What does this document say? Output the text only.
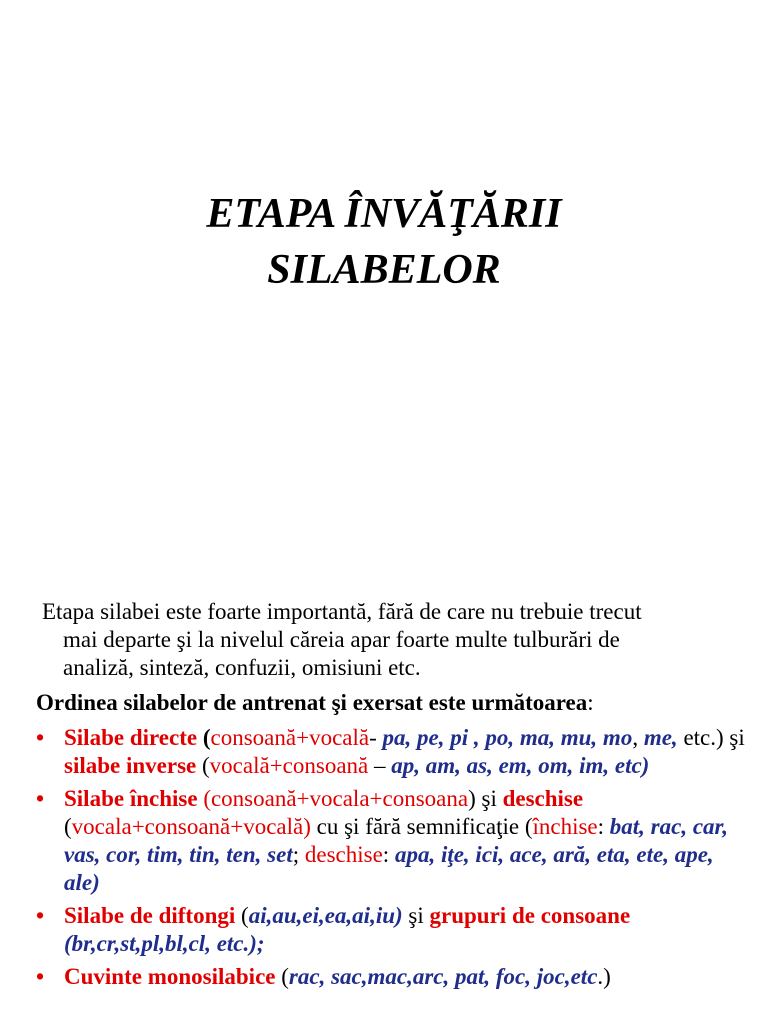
ETAPA ÎNVĂŢĂRII
SILABELOR

Etapa silabei este foarte importantă, fără de care nu trebuie trecut
mai departe şi la nivelul căreia apar foarte multe tulburări de
analiză, sinteză, confuzii, omisiuni etc.

Ordinea silabelor de antrenat şi exersat este următoarea:

• Silabe directe (consoană+vocală- pa, pe, pi , po, ma, mu, mo, me, etc.) şi silabe inverse (vocală+consoană – ap, am, as, em, om, im, etc)
• Silabe închise (consoană+vocala+consoana) şi deschise (vocala+consoană+vocală) cu şi fără semnificaţie (închise: bat, rac, car, vas, cor, tim, tin, ten, set; deschise: apa, iţe, ici, ace, ară, eta, ete, ape, ale)
• Silabe de diftongi (ai,au,ei,ea,ai,iu) şi grupuri de consoane (br,cr,st,pl,bl,cl, etc.);
• Cuvinte monosilabice (rac, sac,mac,arc, pat, foc, joc,etc.)
